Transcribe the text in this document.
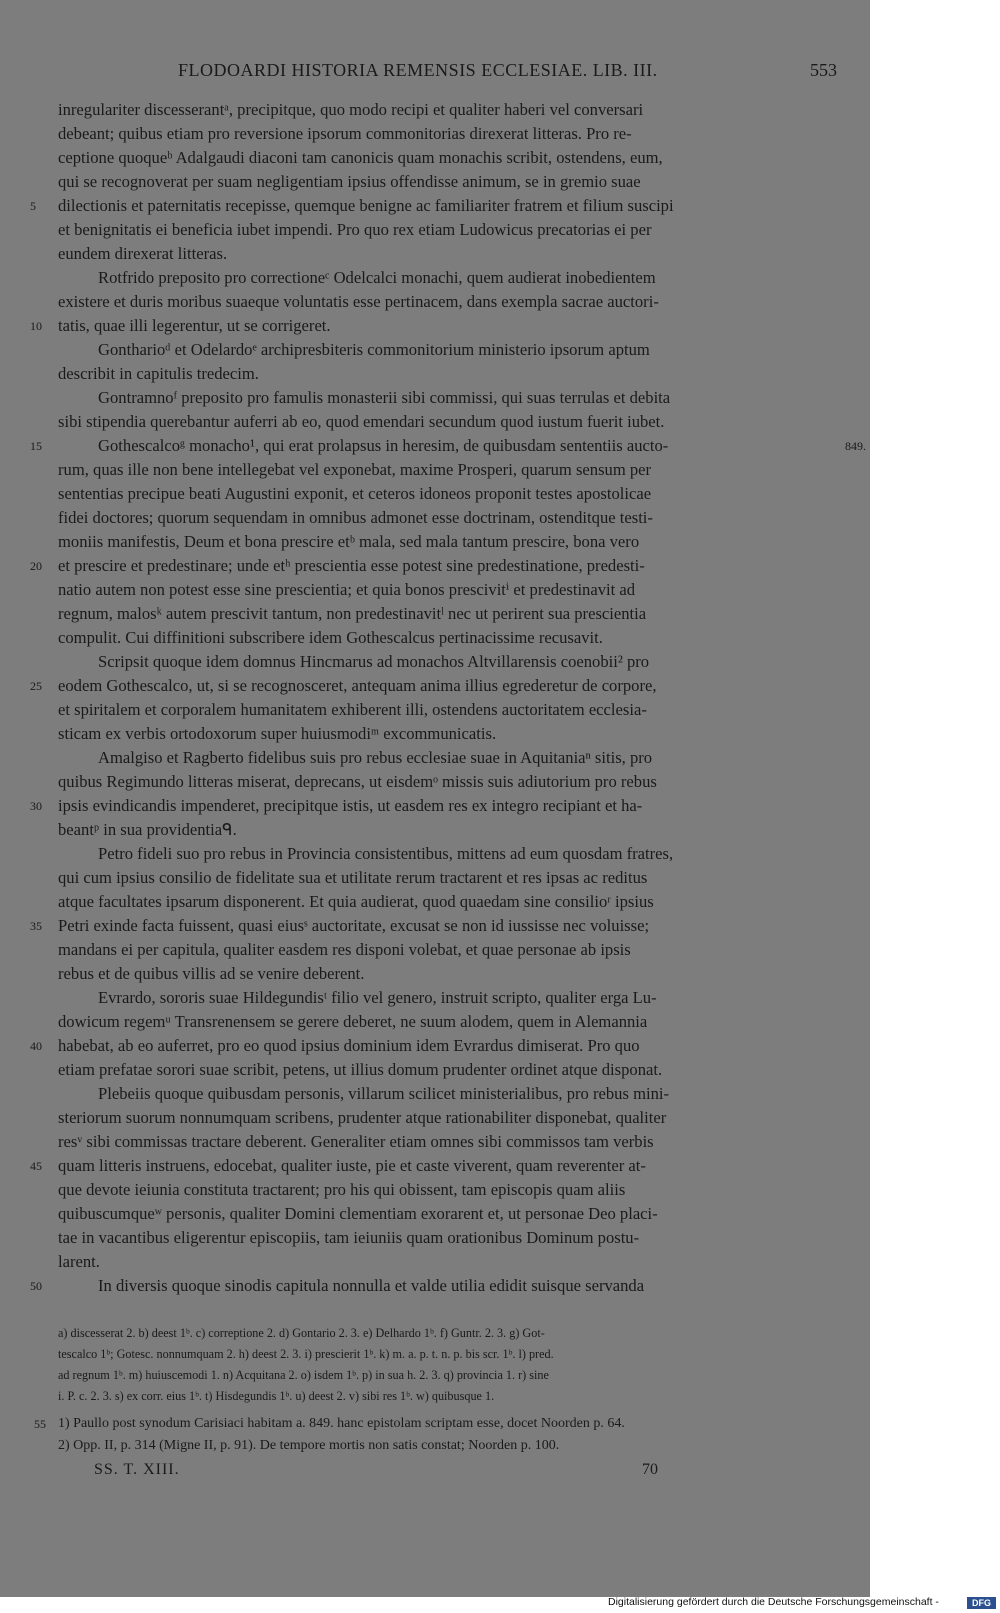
FLODOARDI HISTORIA REMENSIS ECCLESIAE. LIB. III.	553
inregulariter discesserantᵃ, precipitque, quo modo recipi et qualiter haberi vel conversari
debeant; quibus etiam pro reversione ipsorum commonitorias direxerat litteras. Pro re-
ceptione quoqueᵇ Adalgaudi diaconi tam canonicis quam monachis scribit, ostendens, eum,
qui se recognoverat per suam negligentiam ipsius offendisse animum, se in gremio suae
dilectionis et paternitatis recepisse, quemque benigne ac familiariter fratrem et filium suscipi
et benignitatis ei beneficia iubet impendi. Pro quo rex etiam Ludowicus precatorias ei per
eundem direxerat litteras.
Rotfrido preposito pro correctioneᶜ Odelcalci monachi, quem audierat inobedientem
existere et duris moribus suaeque voluntatis esse pertinacem, dans exempla sacrae auctori-
tatis, quae illi legerentur, ut se corrigeret.
Gontharioᵈ et Odelardoᵉ archipresbiteris commonitorium ministerio ipsorum aptum
describit in capitulis tredecim.
Gontramnoᶠ preposito pro famulis monasterii sibi commissi, qui suas terrulas et debita
sibi stipendia querebantur auferri ab eo, quod emendari secundum quod iustum fuerit iubet.
Gothescalcoᵍ monacho¹, qui erat prolapsus in heresim, de quibusdam sententiis aucto-
rum, quas ille non bene intellegebat vel exponebat, maxime Prosperi, quarum sensum per
sententias precipue beati Augustini exponit, et ceteros idoneos proponit testes apostolicae
fidei doctores; quorum sequendam in omnibus admonet esse doctrinam, ostenditque testi-
moniis manifestis, Deum et bona prescire etᵇ mala, sed mala tantum prescire, bona vero
et prescire et predestinare; unde etʰ prescientia esse potest sine predestinatione, predesti-
natio autem non potest esse sine prescientia; et quia bonos prescivitⁱ et predestinavit ad
regnum, malosᵏ autem prescivit tantum, non predestinavitˡ nec ut perirent sua prescientia
compulit. Cui diffinitioni subscribere idem Gothescalcus pertinacissime recusavit.
Scripsit quoque idem domnus Hincmarus ad monachos Altvillarensis coenobii² pro
eodem Gothescalco, ut, si se recognosceret, antequam anima illius egrederetur de corpore,
et spiritalem et corporalem humanitatem exhiberent illi, ostendens auctoritatem ecclesia-
sticam ex verbis ortodoxorum super huiusmodiᵐ excommunicatis.
Amalgiso et Ragberto fidelibus suis pro rebus ecclesiae suae in Aquitaniaⁿ sitis, pro
quibus Regimundo litteras miserat, deprecans, ut eisdemᵒ missis suis adiutorium pro rebus
ipsis evindicandis impenderet, precipitque istis, ut easdem res ex integro recipiant et ha-
beantᵖ in sua providentiaᑫ.
Petro fideli suo pro rebus in Provincia consistentibus, mittens ad eum quosdam fratres,
qui cum ipsius consilio de fidelitate sua et utilitate rerum tractarent et res ipsas ac reditus
atque facultates ipsarum disponerent. Et quia audierat, quod quaedam sine consilioʳ ipsius
Petri exinde facta fuissent, quasi eiusˢ auctoritate, excusat se non id iussisse nec voluisse;
mandans ei per capitula, qualiter easdem res disponi volebat, et quae personae ab ipsis
rebus et de quibus villis ad se venire deberent.
Evrardo, sororis suae Hildegundisᵗ filio vel genero, instruit scripto, qualiter erga Lu-
dowicum regemᵘ Transrenensem se gerere deberet, ne suum alodem, quem in Alemannia
habebat, ab eo auferret, pro eo quod ipsius dominium idem Evrardus dimiserat. Pro quo
etiam prefatae sorori suae scribit, petens, ut illius domum prudenter ordinet atque disponat.
Plebeiis quoque quibusdam personis, villarum scilicet ministerialibus, pro rebus mini-
steriorum suorum nonnumquam scribens, prudenter atque rationabiliter disponebat, qualiter
resᵛ sibi commissas tractare deberent. Generaliter etiam omnes sibi commissos tam verbis
quam litteris instruens, edocebat, qualiter iuste, pie et caste viverent, quam reverenter at-
que devote ieiunia constituta tractarent; pro his qui obissent, tam episcopis quam aliis
quibuscumqueʷ personis, qualiter Domini clementiam exorarent et, ut personae Deo placi-
tae in vacantibus eligerentur episcopiis, tam ieiuniis quam orationibus Dominum postu-
larent.
In diversis quoque sinodis capitula nonnulla et valde utilia edidit suisque servanda
5
10
15
20
25
30
35
40
45
50
849.
a) discesserat 2. b) deest 1ᵇ. c) correptione 2. d) Gontario 2. 3. e) Delhardo 1ᵇ. f) Guntr. 2. 3. g) Got-
tescalco 1ᵇ; Gotesc. nonnumquam 2. h) deest 2. 3. i) prescierit 1ᵇ. k) m. a. p. t. n. p. bis scr. 1ᵇ. l) pred.
ad regnum 1ᵇ. m) huiuscemodi 1. n) Acquitana 2. o) isdem 1ᵇ. p) in sua h. 2. 3. q) provincia 1. r) sine
i. P. c. 2. 3. s) ex corr. eius 1ᵇ. t) Hisdegundis 1ᵇ. u) deest 2. v) sibi res 1ᵇ. w) quibusque 1.
55 1) Paullo post synodum Carisiaci habitam a. 849. hanc epistolam scriptam esse, docet Noorden p. 64.
2) Opp. II, p. 314 (Migne II, p. 91). De tempore mortis non satis constat; Noorden p. 100.
SS. T. XIII.	70
Digitalisierung gefördert durch die Deutsche Forschungsgemeinschaft -	DFG
